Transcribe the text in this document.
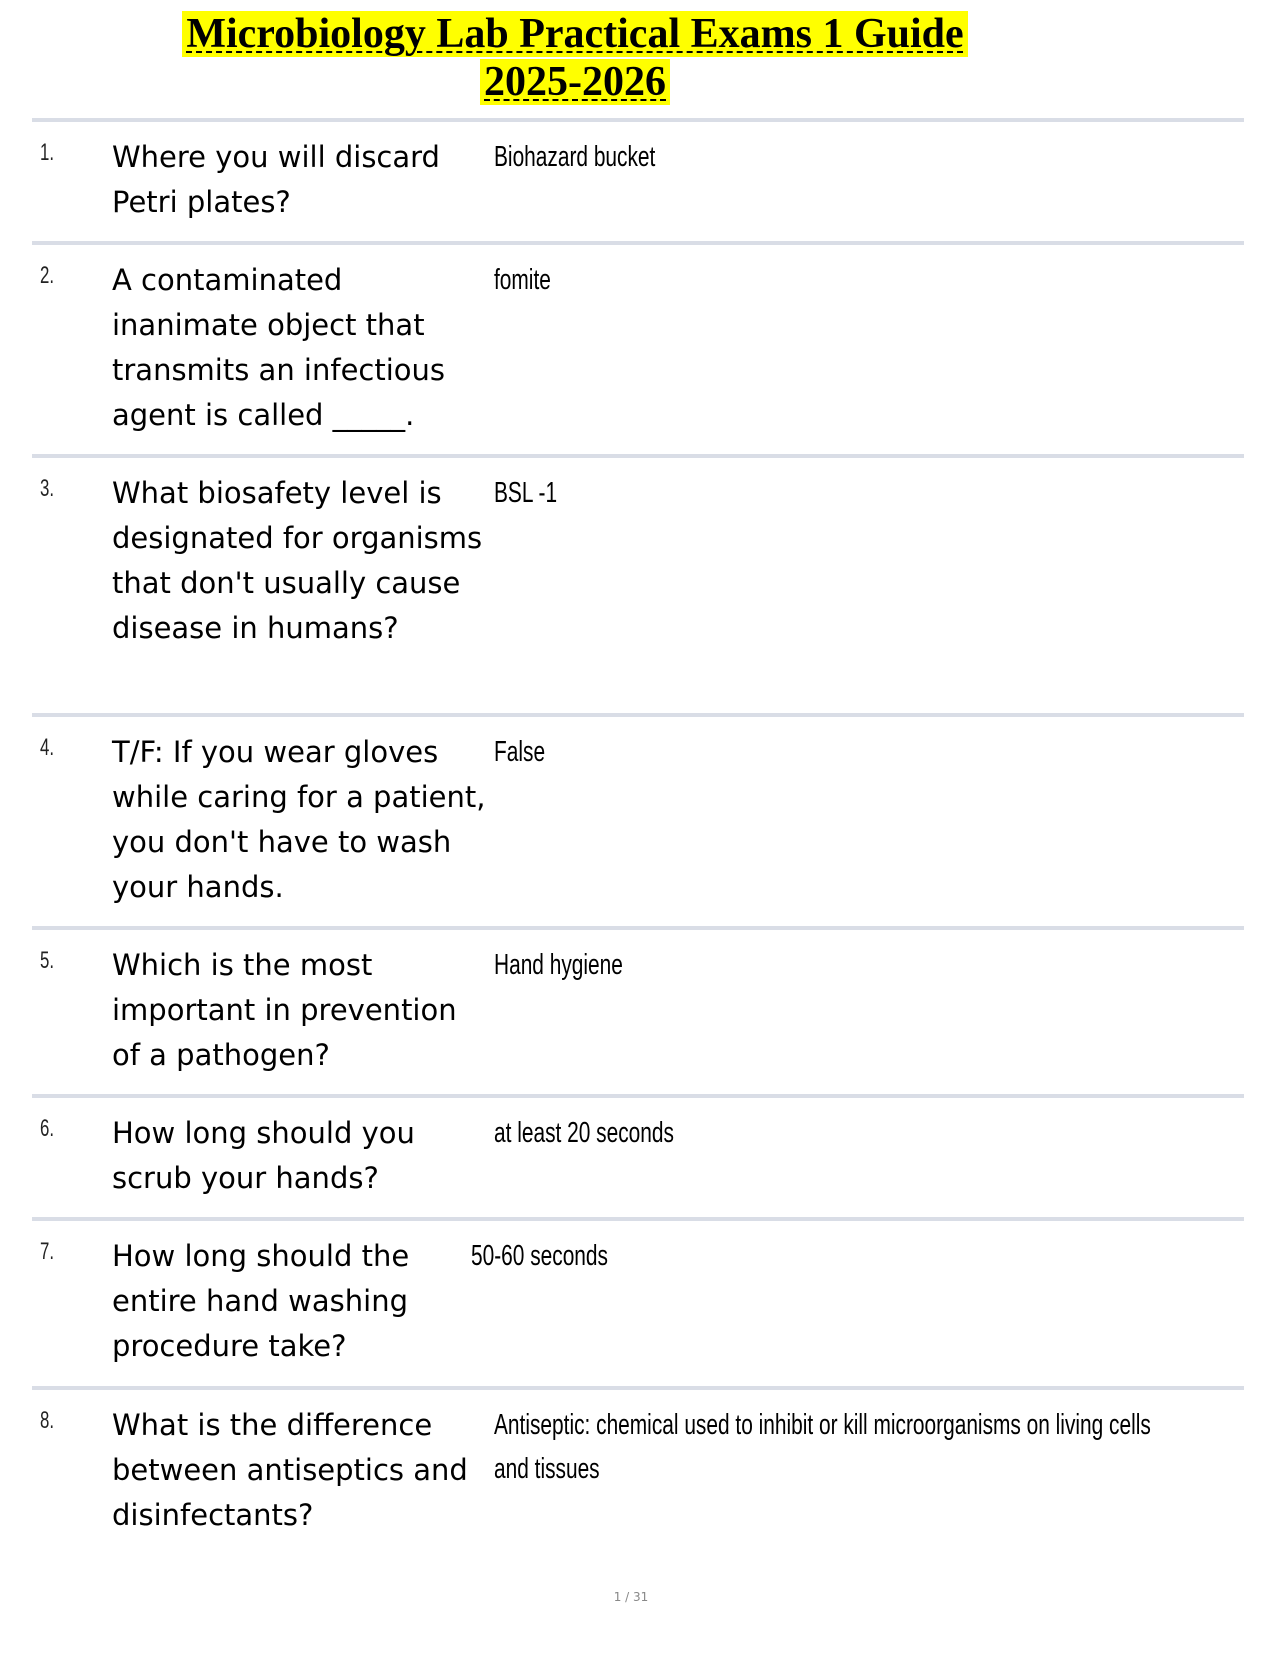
Microbiology Lab Practical Exams 1 Guide
2025-2026
1. Where you will discard Petri plates?
Biohazard bucket
2. A contaminated inanimate object that transmits an infectious agent is called _____.
fomite
3. What biosafety level is designated for organisms that don't usually cause disease in humans?
BSL -1
4. T/F: If you wear gloves while caring for a patient, you don't have to wash your hands.
False
5. Which is the most important in prevention of a pathogen?
Hand hygiene
6. How long should you scrub your hands?
at least 20 seconds
7. How long should the entire hand washing procedure take?
50-60 seconds
8. What is the difference between antiseptics and disinfectants?
Antiseptic: chemical used to inhibit or kill microorganisms on living cells and tissues
1 / 31
